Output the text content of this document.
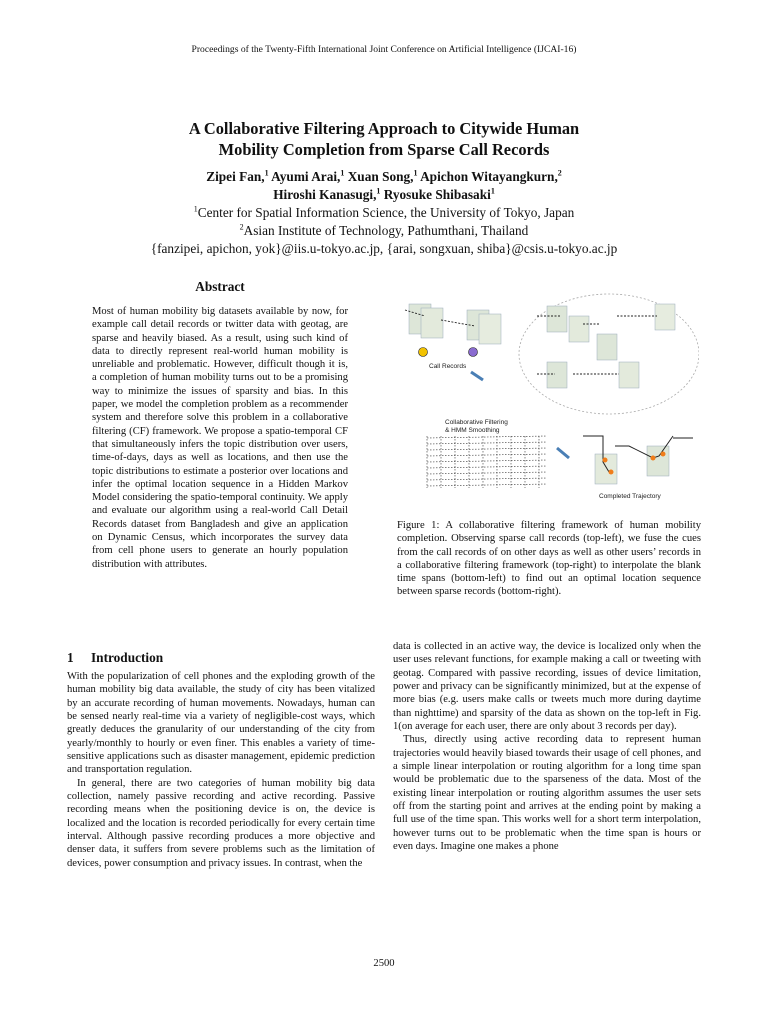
Proceedings of the Twenty-Fifth International Joint Conference on Artificial Intelligence (IJCAI-16)
A Collaborative Filtering Approach to Citywide Human
Mobility Completion from Sparse Call Records
Zipei Fan,$^1$ Ayumi Arai,$^1$ Xuan Song,$^1$ Apichon Witayangkurn,$^2$
Hiroshi Kanasugi,$^1$ Ryosuke Shibasaki$^1$
$^1$Center for Spatial Information Science, the University of Tokyo, Japan
$^2$Asian Institute of Technology, Pathumthani, Thailand
{fanzipei, apichon, yok}@iis.u-tokyo.ac.jp, {arai, songxuan, shiba}@csis.u-tokyo.ac.jp
Abstract
Most of human mobility big datasets available by now, for example call detail records or twitter data with geotag, are sparse and heavily biased. As a result, using such kind of data to directly represent real-world human mobility is unreliable and problematic. However, difficult though it is, a completion of human mobility turns out to be a promising way to minimize the issues of sparsity and bias. In this paper, we model the completion problem as a recommender system and therefore solve this problem in a collaborative filtering (CF) framework. We propose a spatio-temporal CF that simultaneously infers the topic distribution over users, time-of-days, days as well as locations, and then use the topic distributions to estimate a posterior over locations and infer the optimal location sequence in a Hidden Markov Model considering the spatio-temporal continuity. We apply and evaluate our algorithm using a real-world Call Detail Records dataset from Bangladesh and give an application on Dynamic Census, which incorporates the survey data from cell phone users to generate an hourly population distribution with attributes.
Call Records
Collaborative Filtering
& HMM Smoothing
Completed Trajectory
Figure 1: A collaborative filtering framework of human mobility completion. Observing sparse call records (top-left), we fuse the cues from the call records of on other days as well as other users’ records in a collaborative filtering framework (top-right) to interpolate the blank time spans (bottom-left) to find out an optimal location sequence between sparse records (bottom-right).
1 Introduction

With the popularization of cell phones and the exploding growth of the human mobility big data available, the study of city has been vitalized by an accurate recording of human movements. Nowadays, human can be sensed nearly real-time via a variety of negligible-cost ways, which greatly deduces the granularity of our understanding of the city from yearly/monthly to hourly or even finer. This enables a variety of time-sensitive applications such as disaster management, epidemic prediction and transportation regulation.

In general, there are two categories of human mobility big data collection, namely passive recording and active recording. Passive recording means when the positioning device is on, the device is localized and the location is recorded periodically for every certain time interval. Although passive recording produces a more objective and denser data, it suffers from severe problems such as the limitation of devices, power consumption and privacy issues. In contrast, when the

data is collected in an active way, the device is localized only when the user uses relevant functions, for example making a call or tweeting with geotag. Compared with passive recording, issues of device limitation, power and privacy can be significantly minimized, but at the expense of more bias (e.g. users make calls or tweets much more during daytime than nighttime) and sparsity of the data as shown on the top-left in Fig. 1(on average for each user, there are only about 3 records per day).

Thus, directly using active recording data to represent human trajectories would heavily biased towards their usage of cell phones, and a simple linear interpolation or routing algorithm for a long time span would be problematic due to the sparseness of the data. Most of the existing linear interpolation or routing algorithm assumes the user sets off from the starting point and arrives at the ending point by making a full use of the time span. This works well for a short term interpolation, however turns out to be problematic when the time span is hours or even days. Imagine one makes a phone

2500
